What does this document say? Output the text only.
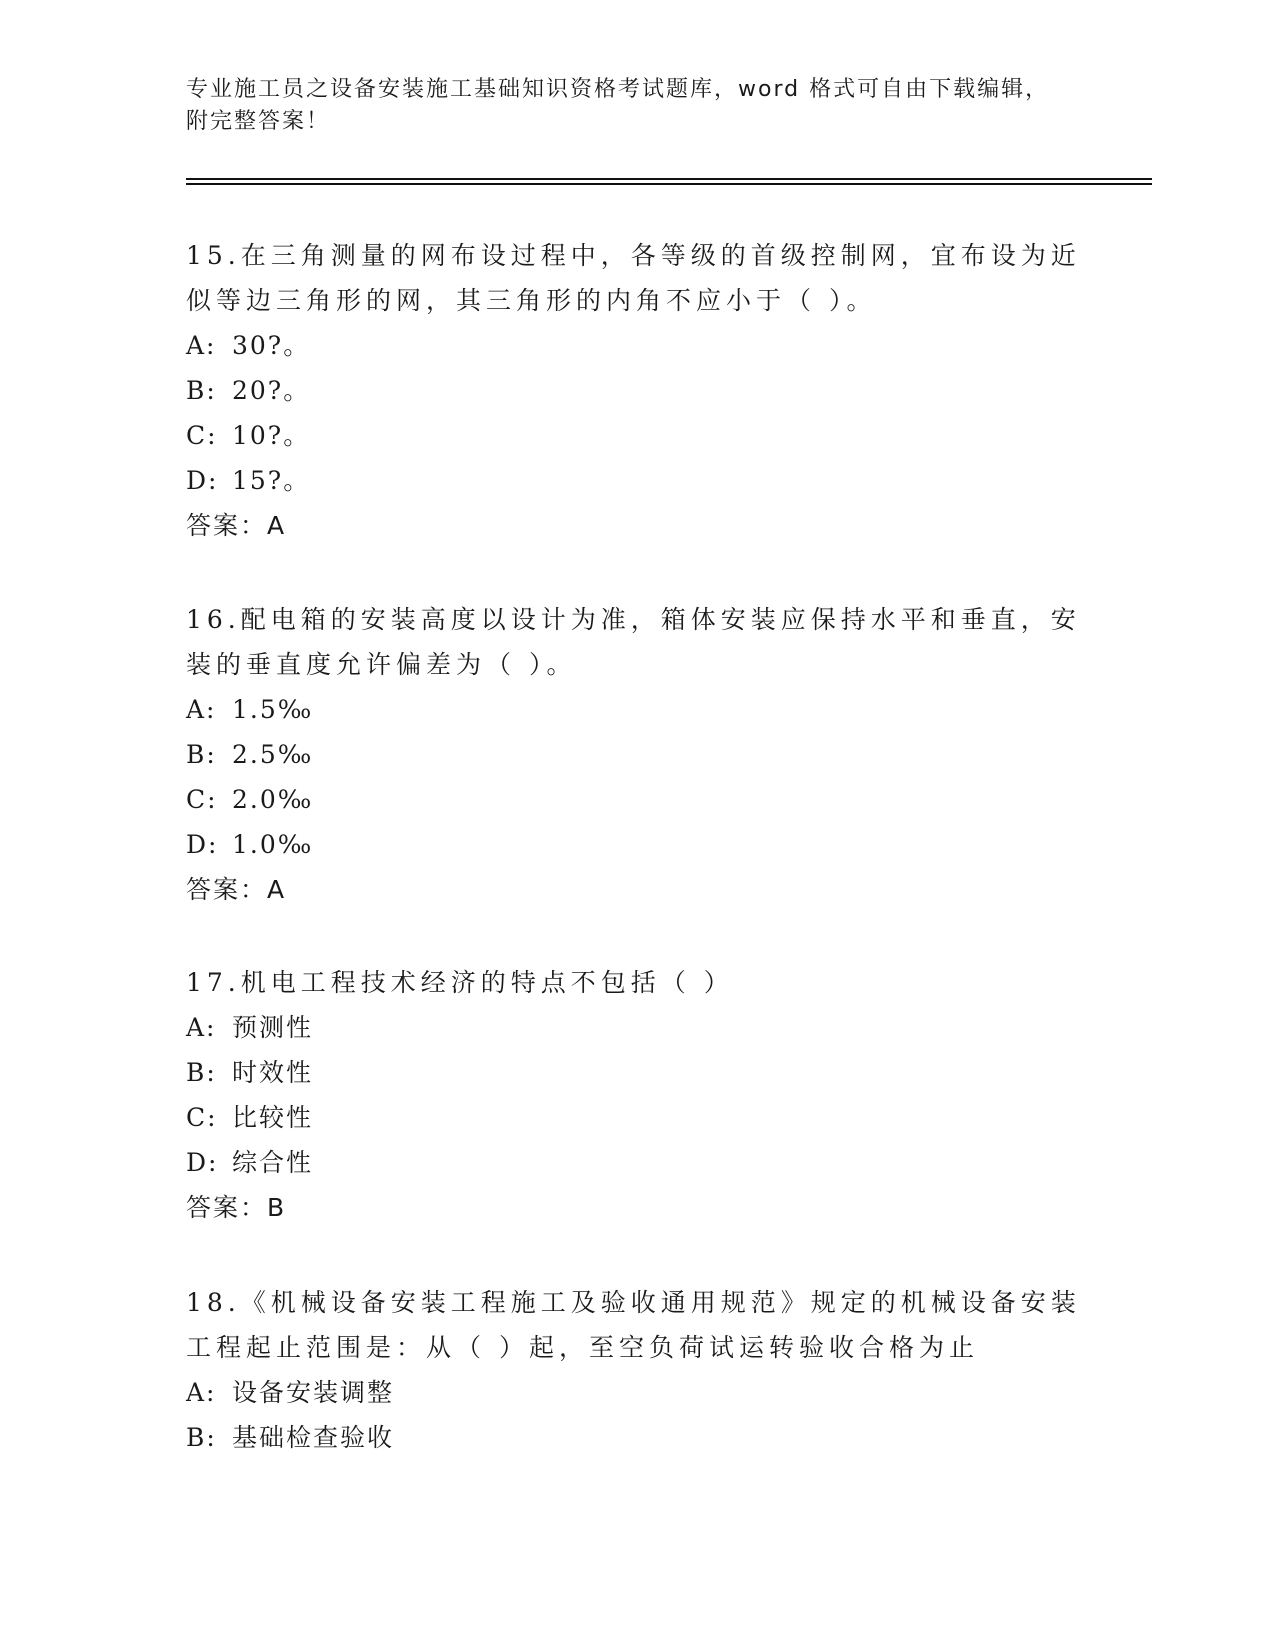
专业施工员之设备安装施工基础知识资格考试题库，word 格式可自由下载编辑，
附完整答案！

15.在三角测量的网布设过程中，各等级的首级控制网，宜布设为近似等边三角形的网，其三角形的内角不应小于（ ）。

A: 30?。

B: 20?。

C: 10?。

D: 15?。

答案：A

16.配电箱的安装高度以设计为准，箱体安装应保持水平和垂直，安装的垂直度允许偏差为（ ）。

A: 1.5‰

B: 2.5‰

C: 2.0‰

D: 1.0‰

答案：A

17.机电工程技术经济的特点不包括（ ）

A: 预测性

B: 时效性

C: 比较性

D: 综合性

答案：B

18.《机械设备安装工程施工及验收通用规范》规定的机械设备安装工程起止范围是：从（ ）起，至空负荷试运转验收合格为止

A: 设备安装调整

B: 基础检查验收
